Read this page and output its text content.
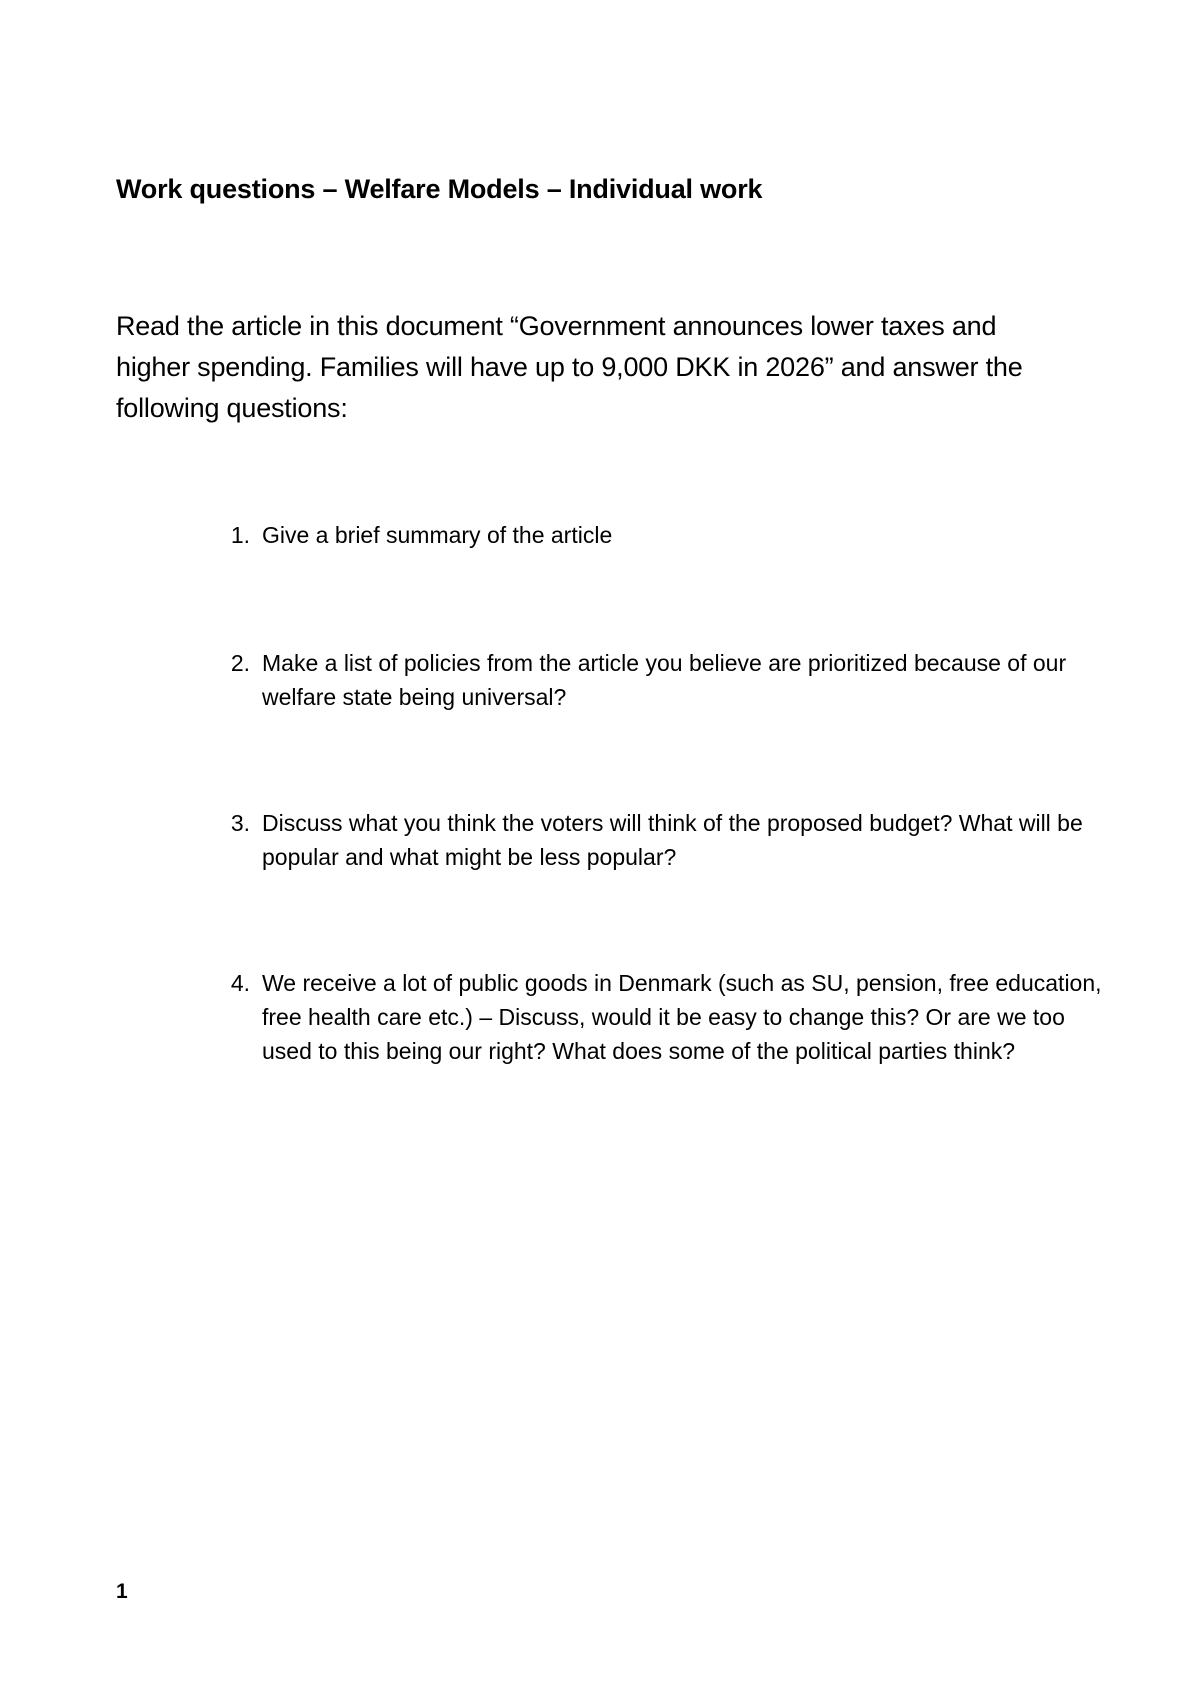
Work questions – Welfare Models – Individual work

Read the article in this document “Government announces lower taxes and higher spending. Families will have up to 9,000 DKK in 2026” and answer the following questions:

1. Give a brief summary of the article
2. Make a list of policies from the article you believe are prioritized because of our welfare state being universal?
3. Discuss what you think the voters will think of the proposed budget? What will be popular and what might be less popular?
4. We receive a lot of public goods in Denmark (such as SU, pension, free education, free health care etc.) – Discuss, would it be easy to change this? Or are we too used to this being our right? What does some of the political parties think?
1
